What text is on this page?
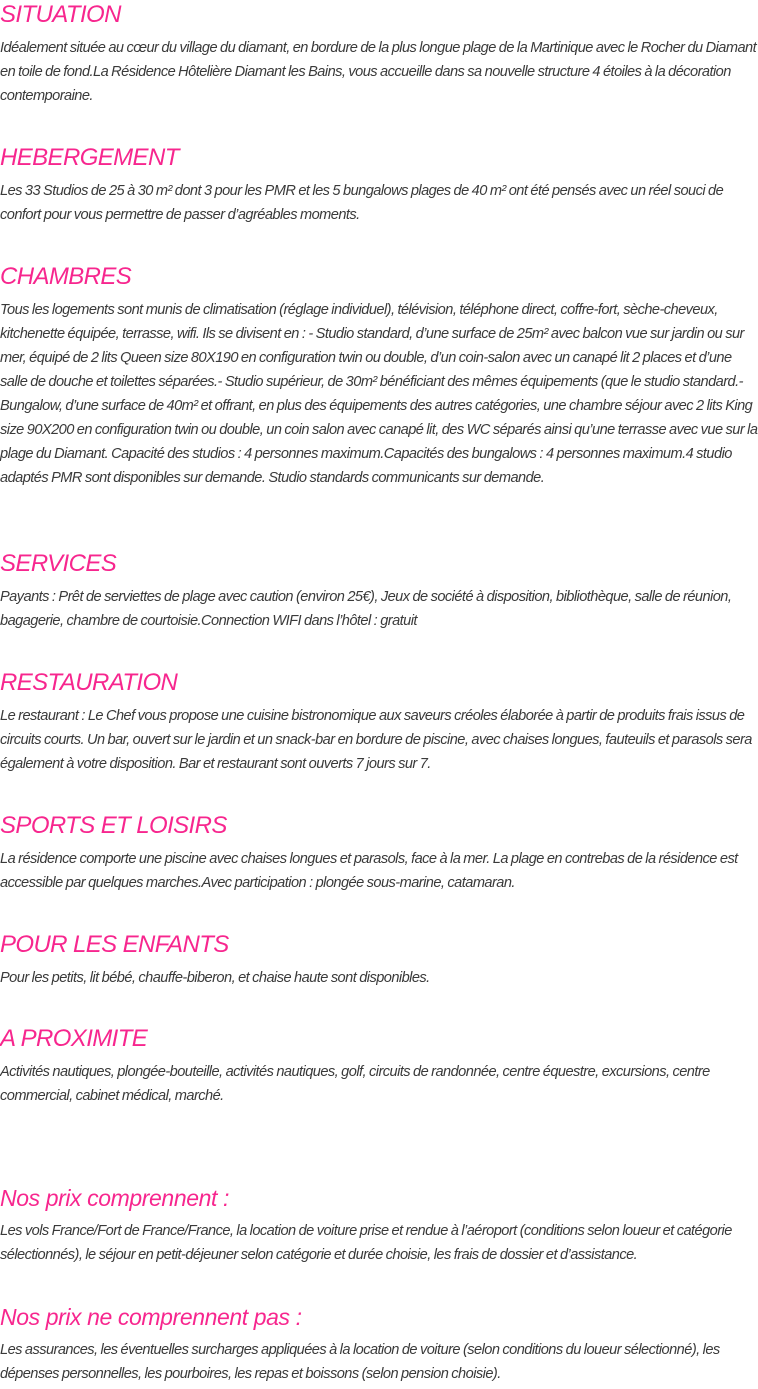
SITUATION

Idéalement située au cœur du village du diamant, en bordure de la plus longue plage de la Martinique avec le Rocher du Diamant en toile de fond.La Résidence Hôtelière Diamant les Bains, vous accueille dans sa nouvelle structure 4 étoiles à la décoration contemporaine.

HEBERGEMENT

Les 33 Studios de 25 à 30 m² dont 3 pour les PMR et les 5 bungalows plages de 40 m² ont été pensés avec un réel souci de confort pour vous permettre de passer d’agréables moments.

CHAMBRES

Tous les logements sont munis de climatisation (réglage individuel), télévision, téléphone direct, coffre-fort, sèche-cheveux, kitchenette équipée, terrasse, wifi. Ils se divisent en : - Studio standard, d’une surface de 25m² avec balcon vue sur jardin ou sur mer, équipé de 2 lits Queen size 80X190 en configuration twin ou double, d’un coin-salon avec un canapé lit 2 places et d’une salle de douche et toilettes séparées.- Studio supérieur, de 30m² bénéficiant des mêmes équipements (que le studio standard.- Bungalow, d’une surface de 40m² et offrant, en plus des équipements des autres catégories, une chambre séjour avec 2 lits King size 90X200 en configuration twin ou double, un coin salon avec canapé lit, des WC séparés ainsi qu’une terrasse avec vue sur la plage du Diamant. Capacité des studios : 4 personnes maximum.Capacités des bungalows : 4 personnes maximum.4 studio adaptés PMR sont disponibles sur demande. Studio standards communicants sur demande.

SERVICES

Payants : Prêt de serviettes de plage avec caution (environ 25€), Jeux de société à disposition, bibliothèque, salle de réunion, bagagerie, chambre de courtoisie.Connection WIFI dans l’hôtel : gratuit

RESTAURATION

Le restaurant : Le Chef vous propose une cuisine bistronomique aux saveurs créoles élaborée à partir de produits frais issus de circuits courts. Un bar, ouvert sur le jardin et un snack-bar en bordure de piscine, avec chaises longues, fauteuils et parasols sera également à votre disposition. Bar et restaurant sont ouverts 7 jours sur 7.

SPORTS ET LOISIRS

La résidence comporte une piscine avec chaises longues et parasols, face à la mer. La plage en contrebas de la résidence est accessible par quelques marches.Avec participation : plongée sous-marine, catamaran.

POUR LES ENFANTS

Pour les petits, lit bébé, chauffe-biberon, et chaise haute sont disponibles.

A PROXIMITE

Activités nautiques, plongée-bouteille, activités nautiques, golf, circuits de randonnée, centre équestre, excursions, centre commercial, cabinet médical, marché.

Nos prix comprennent :

Les vols France/Fort de France/France, la location de voiture prise et rendue à l’aéroport (conditions selon loueur et catégorie sélectionnés), le séjour en petit-déjeuner selon catégorie et durée choisie, les frais de dossier et d’assistance.

Nos prix ne comprennent pas :

Les assurances, les éventuelles surcharges appliquées à la location de voiture (selon conditions du loueur sélectionné), les dépenses personnelles, les pourboires, les repas et boissons (selon pension choisie).
